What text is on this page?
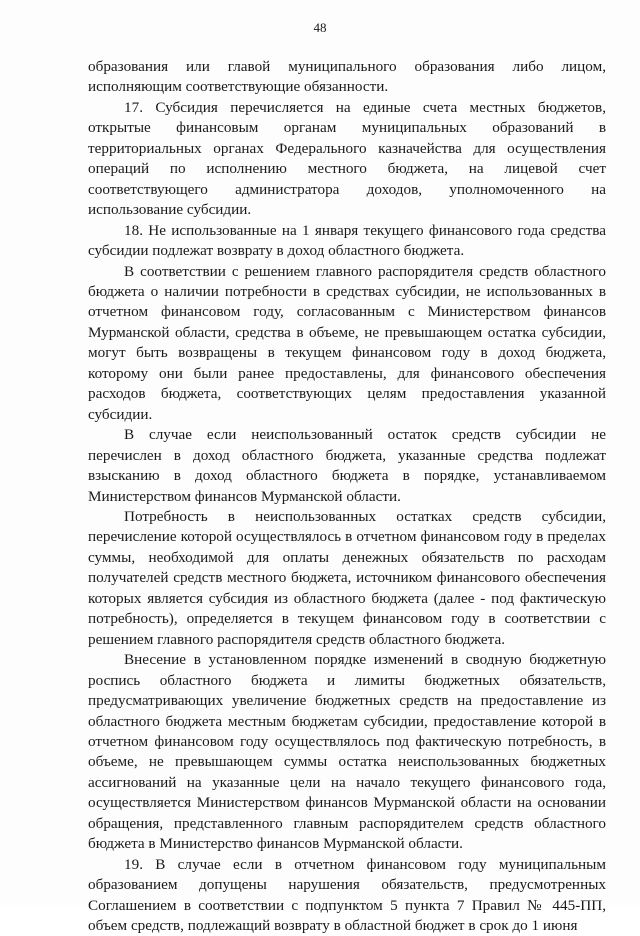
48

образования или главой муниципального образования либо лицом, исполняющим соответствующие обязанности.

17. Субсидия перечисляется на единые счета местных бюджетов, открытые финансовым органам муниципальных образований в территориальных органах Федерального казначейства для осуществления операций по исполнению местного бюджета, на лицевой счет соответствующего администратора доходов, уполномоченного на использование субсидии.

18. Не использованные на 1 января текущего финансового года средства субсидии подлежат возврату в доход областного бюджета.

В соответствии с решением главного распорядителя средств областного бюджета о наличии потребности в средствах субсидии, не использованных в отчетном финансовом году, согласованным с Министерством финансов Мурманской области, средства в объеме, не превышающем остатка субсидии, могут быть возвращены в текущем финансовом году в доход бюджета, которому они были ранее предоставлены, для финансового обеспечения расходов бюджета, соответствующих целям предоставления указанной субсидии.

В случае если неиспользованный остаток средств субсидии не перечислен в доход областного бюджета, указанные средства подлежат взысканию в доход областного бюджета в порядке, устанавливаемом Министерством финансов Мурманской области.

Потребность в неиспользованных остатках средств субсидии, перечисление которой осуществлялось в отчетном финансовом году в пределах суммы, необходимой для оплаты денежных обязательств по расходам получателей средств местного бюджета, источником финансового обеспечения которых является субсидия из областного бюджета (далее - под фактическую потребность), определяется в текущем финансовом году в соответствии с решением главного распорядителя средств областного бюджета.

Внесение в установленном порядке изменений в сводную бюджетную роспись областного бюджета и лимиты бюджетных обязательств, предусматривающих увеличение бюджетных средств на предоставление из областного бюджета местным бюджетам субсидии, предоставление которой в отчетном финансовом году осуществлялось под фактическую потребность, в объеме, не превышающем суммы остатка неиспользованных бюджетных ассигнований на указанные цели на начало текущего финансового года, осуществляется Министерством финансов Мурманской области на основании обращения, представленного главным распорядителем средств областного бюджета в Министерство финансов Мурманской области.

19. В случае если в отчетном финансовом году муниципальным образованием допущены нарушения обязательств, предусмотренных Соглашением в соответствии с подпунктом 5 пункта 7 Правил № 445-ПП, объем средств, подлежащий возврату в областной бюджет в срок до 1 июня
